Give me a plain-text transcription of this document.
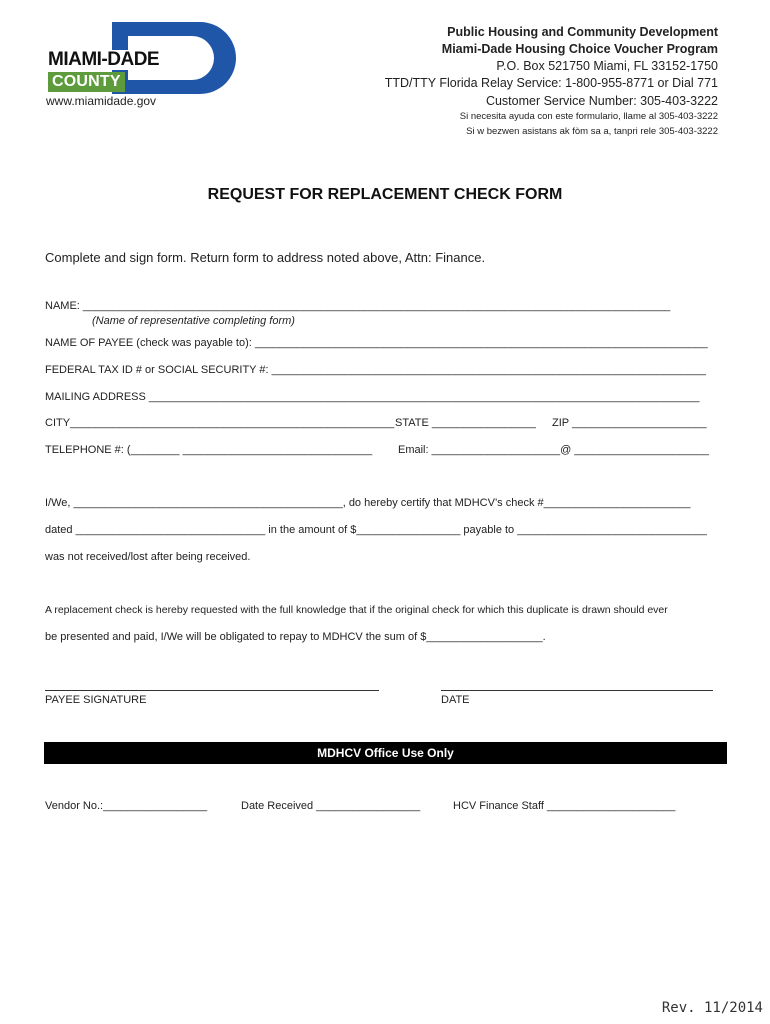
MIAMI-DADE
COUNTY
www.miamidade.gov
Public Housing and Community Development
Miami-Dade Housing Choice Voucher Program
P.O. Box 521750 Miami, FL 33152-1750
TTD/TTY Florida Relay Service: 1-800-955-8771 or Dial 771
Customer Service Number: 305-403-3222
Si necesita ayuda con este formulario, llame al 305-403-3222
Si w bezwen asistans ak fòm sa a, tanpri rele 305-403-3222
REQUEST FOR REPLACEMENT CHECK FORM
Complete and sign form. Return form to address noted above, Attn: Finance.
NAME: ________________________________________________________________________________________________
(Name of representative completing form)
NAME OF PAYEE (check was payable to): __________________________________________________________________________
FEDERAL TAX ID # or SOCIAL SECURITY #: _______________________________________________________________________
MAILING ADDRESS __________________________________________________________________________________________
CITY_____________________________________________________ STATE _________________ ZIP ______________________
TELEPHONE #: (________ _______________________________ Email: _____________________@ ______________________
I/We, ____________________________________________, do hereby certify that MDHCV’s check #________________________
dated _______________________________ in the amount of $_________________ payable to _______________________________
was not received/lost after being received.
A replacement check is hereby requested with the full knowledge that if the original check for which this duplicate is drawn should ever
be presented and paid, I/We will be obligated to repay to MDHCV the sum of $___________________.
PAYEE SIGNATURE	DATE
MDHCV Office Use Only
Vendor No.:_________________	Date Received _________________	HCV Finance Staff _____________________
Rev. 11/2014
